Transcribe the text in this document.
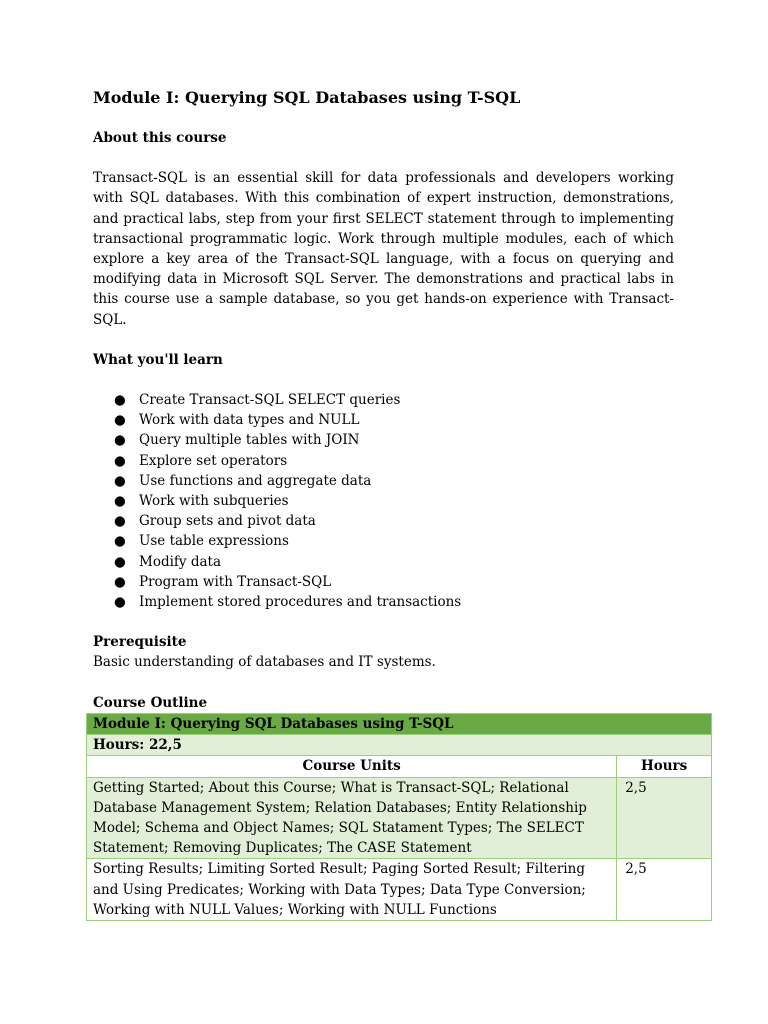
Module I: Querying SQL Databases using T-SQL

About this course

Transact-SQL is an essential skill for data professionals and developers working with SQL databases. With this combination of expert instruction, demonstrations, and practical labs, step from your first SELECT statement through to implementing transactional programmatic logic. Work through multiple modules, each of which explore a key area of the Transact-SQL language, with a focus on querying and modifying data in Microsoft SQL Server. The demonstrations and practical labs in this course use a sample database, so you get hands-on experience with Transact-SQL.

What you'll learn

● Create Transact-SQL SELECT queries
● Work with data types and NULL
● Query multiple tables with JOIN
● Explore set operators
● Use functions and aggregate data
● Work with subqueries
● Group sets and pivot data
● Use table expressions
● Modify data
● Program with Transact-SQL
● Implement stored procedures and transactions

Prerequisite

Basic understanding of databases and IT systems.

Course Outline

Module I: Querying SQL Databases using T-SQL	
Hours: 22,5	
Course Units	Hours
Getting Started; About this Course; What is Transact-SQL; Relational Database Management System; Relation Databases; Entity Relationship Model; Schema and Object Names; SQL Statament Types; The SELECT Statement; Removing Duplicates; The CASE Statement	2,5
Sorting Results; Limiting Sorted Result; Paging Sorted Result; Filtering and Using Predicates; Working with Data Types; Data Type Conversion; Working with NULL Values; Working with NULL Functions	2,5
